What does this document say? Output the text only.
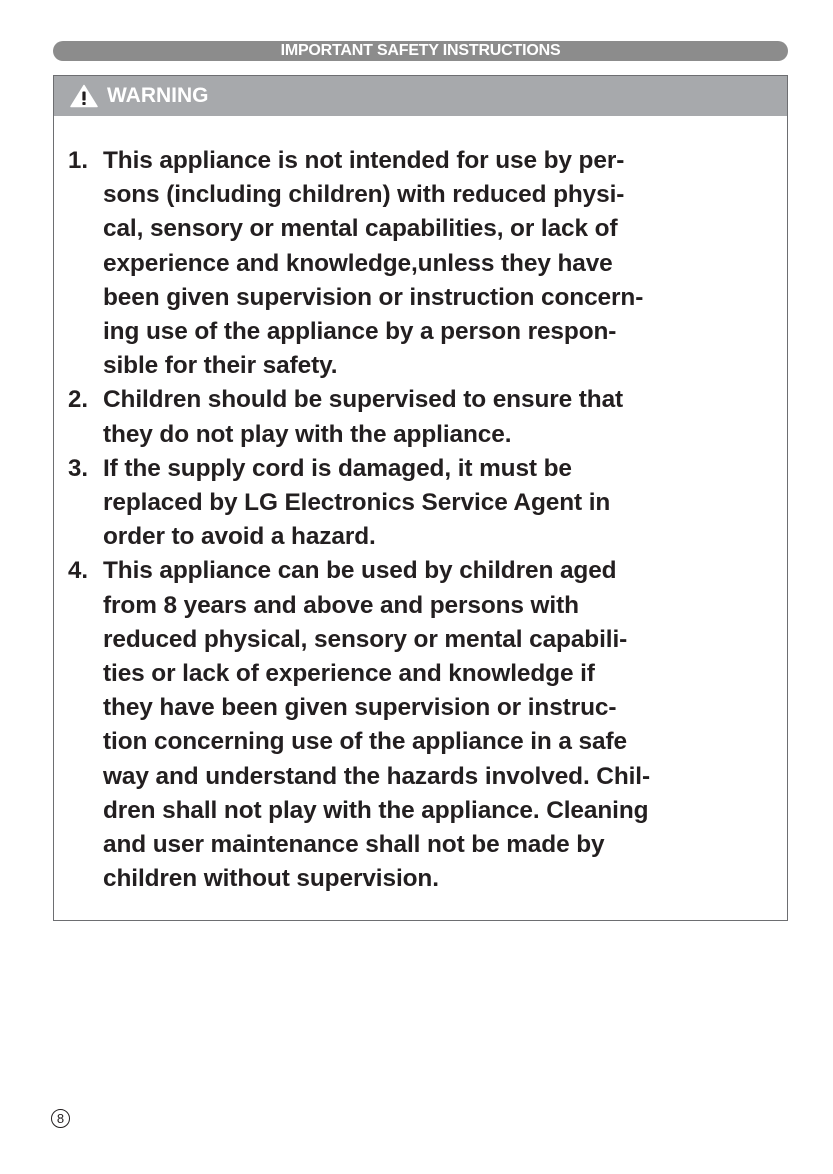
IMPORTANT SAFETY INSTRUCTIONS
WARNING
1. This appliance is not intended for use by per-
sons (including children) with reduced physi-
cal, sensory or mental capabilities, or lack of
experience and knowledge,unless they have
been given supervision or instruction concern-
ing use of the appliance by a person respon-
sible for their safety.
2. Children should be supervised to ensure that
they do not play with the appliance.
3. If the supply cord is damaged, it must be
replaced by LG Electronics Service Agent in
order to avoid a hazard.
4. This appliance can be used by children aged
from 8 years and above and persons with
reduced physical, sensory or mental capabili-
ties or lack of experience and knowledge if
they have been given supervision or instruc-
tion concerning use of the appliance in a safe
way and understand the hazards involved. Chil-
dren shall not play with the appliance. Cleaning
and user maintenance shall not be made by
children without supervision.
8
